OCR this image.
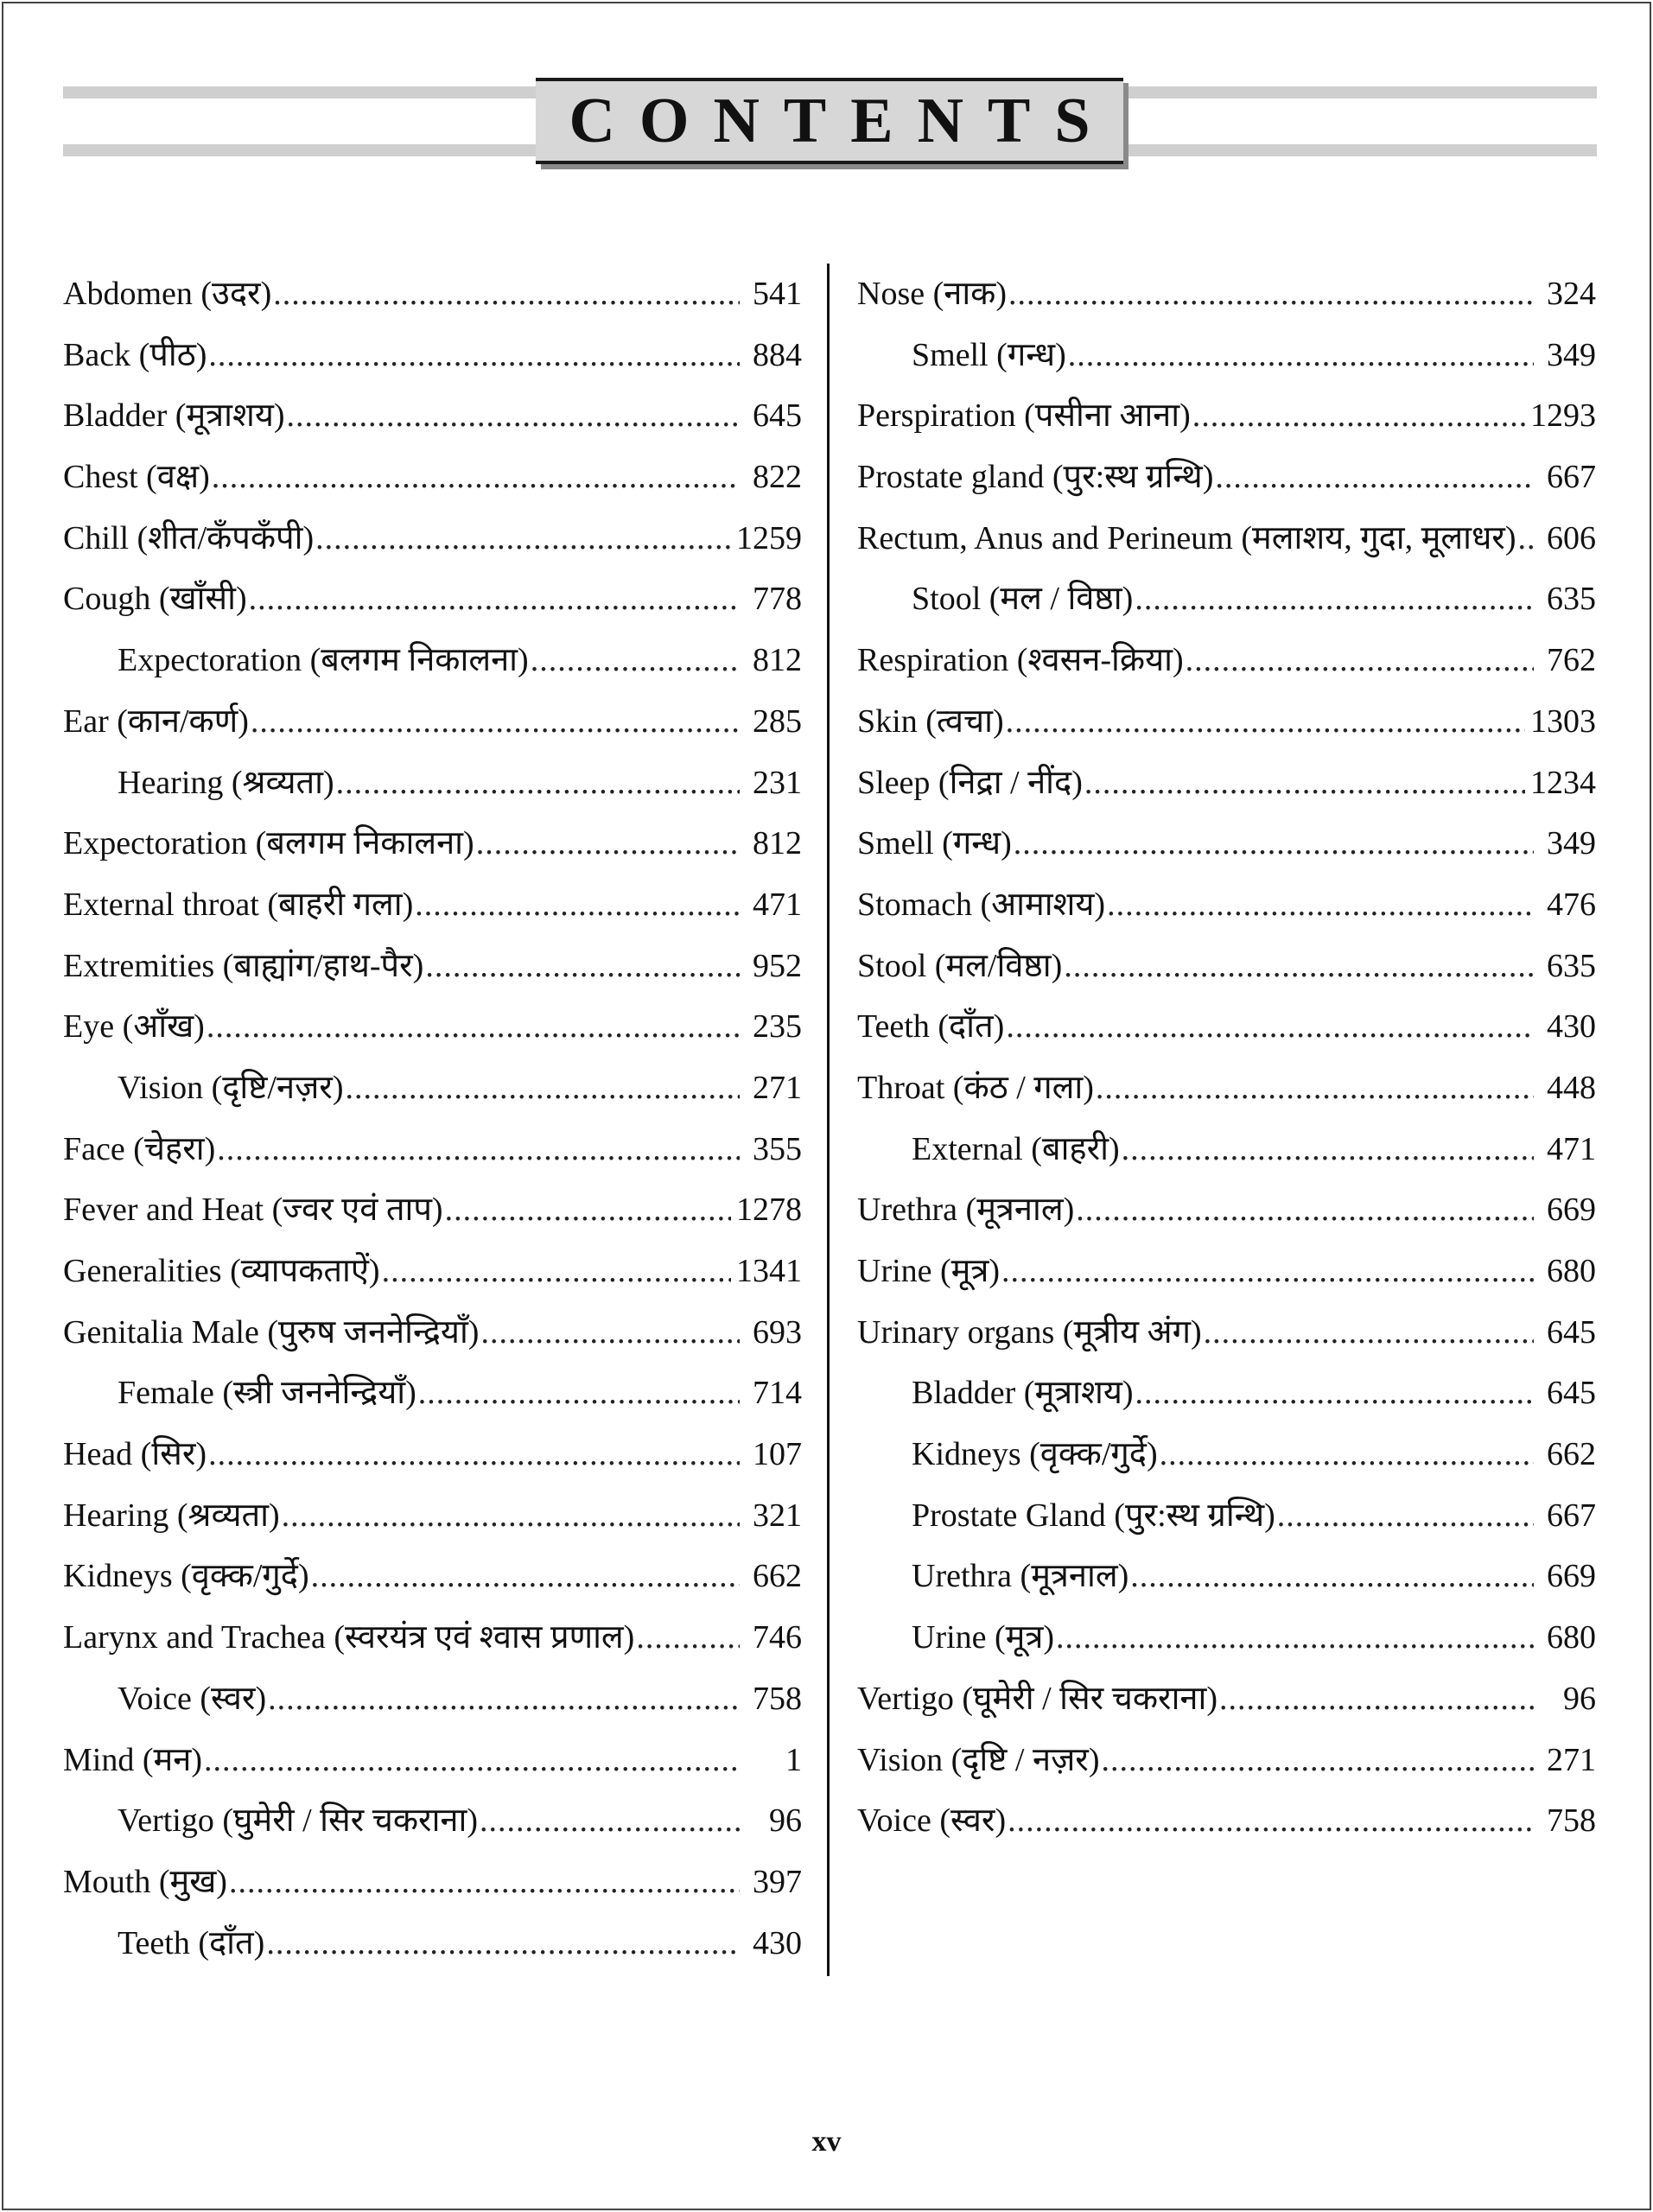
CONTENTS
Abdomen (उदर) .....	541
Back (पीठ) .....	884
Bladder (मूत्राशय) .....	645
Chest (वक्ष) .....	822
Chill (शीत/कँपकँपी) .....	1259
Cough (खाँसी) .....	778
Expectoration (बलगम निकालना) .....	812
Ear (कान/कर्ण) .....	285
Hearing (श्रव्यता) .....	231
Expectoration (बलगम निकालना) .....	812
External throat (बाहरी गला) .....	471
Extremities (बाह्यांग/हाथ-पैर) .....	952
Eye (आँख) .....	235
Vision (दृष्टि/नज़र) .....	271
Face (चेहरा) .....	355
Fever and Heat (ज्वर एवं ताप) .....	1278
Generalities (व्यापकताऐं) .....	1341
Genitalia Male (पुरुष जननेन्द्रियाँ) .....	693
Female (स्त्री जननेन्द्रियाँ) .....	714
Head (सिर) .....	107
Hearing (श्रव्यता) .....	321
Kidneys (वृक्क/गुर्दे) .....	662
Larynx and Trachea (स्वरयंत्र एवं श्वास प्रणाल) .....	746
Voice (स्वर) .....	758
Mind (मन) .....	1
Vertigo (घुमेरी / सिर चकराना) .....	96
Mouth (मुख) .....	397
Teeth (दाँत) .....	430
Nose (नाक) .....	324
Smell (गन्ध) .....	349
Perspiration (पसीना आना) .....	1293
Prostate gland (पुर:स्थ ग्रन्थि) .....	667
Rectum, Anus and Perineum (मलाशय, गुदा, मूलाधर) ..... 606
Stool (मल / विष्ठा) .....	635
Respiration (श्वसन-क्रिया) .....	762
Skin (त्वचा) .....	1303
Sleep (निद्रा / नींद) .....	1234
Smell (गन्ध) .....	349
Stomach (आमाशय) .....	476
Stool (मल/विष्ठा) .....	635
Teeth (दाँत) .....	430
Throat (कंठ / गला) .....	448
External (बाहरी) .....	471
Urethra (मूत्रनाल) .....	669
Urine (मूत्र) .....	680
Urinary organs (मूत्रीय अंग) .....	645
Bladder (मूत्राशय) .....	645
Kidneys (वृक्क/गुर्दे) .....	662
Prostate Gland (पुर:स्थ ग्रन्थि) .....	667
Urethra (मूत्रनाल) .....	669
Urine (मूत्र) .....	680
Vertigo (घूमेरी / सिर चकराना) .....	96
Vision (दृष्टि / नज़र) .....	271
Voice (स्वर) .....	758
xv
